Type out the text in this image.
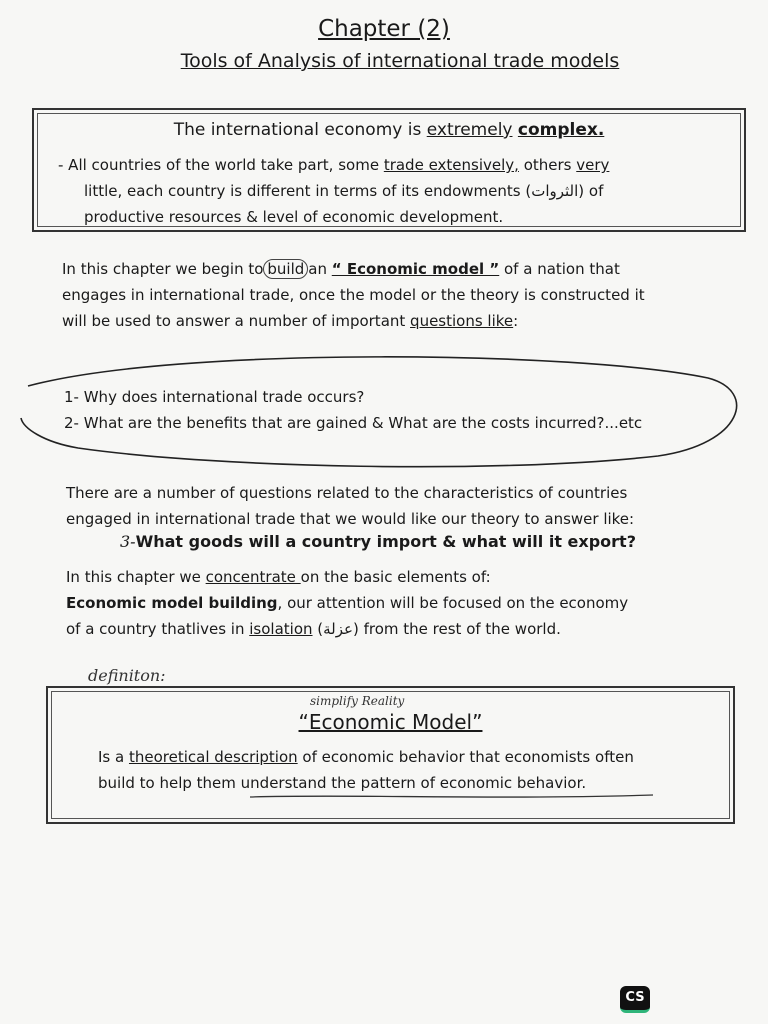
Chapter (2)
Tools of Analysis of international trade models
The international economy is extremely complex.
- All countries of the world take part, some trade extensively, others very
little, each country is different in terms of its endowments (الثروات) of
productive resources & level of economic development.
In this chapter we begin to build an “ Economic model ” of a nation that
engages in international trade, once the model or the theory is constructed it
will be used to answer a number of important questions like:
1- Why does international trade occurs?
2- What are the benefits that are gained & What are the costs incurred?...etc
There are a number of questions related to the characteristics of countries
engaged in international trade that we would like our theory to answer like:
3-What goods will a country import & what will it export?
In this chapter we concentrate on the basic elements of:
Economic model building, our attention will be focused on the economy
of a country thatlives in isolation (عزلة) from the rest of the world.
definiton:
simplify Reality
“Economic Model”
Is a theoretical description of economic behavior that economists often
build to help them understand the pattern of economic behavior.
CS
